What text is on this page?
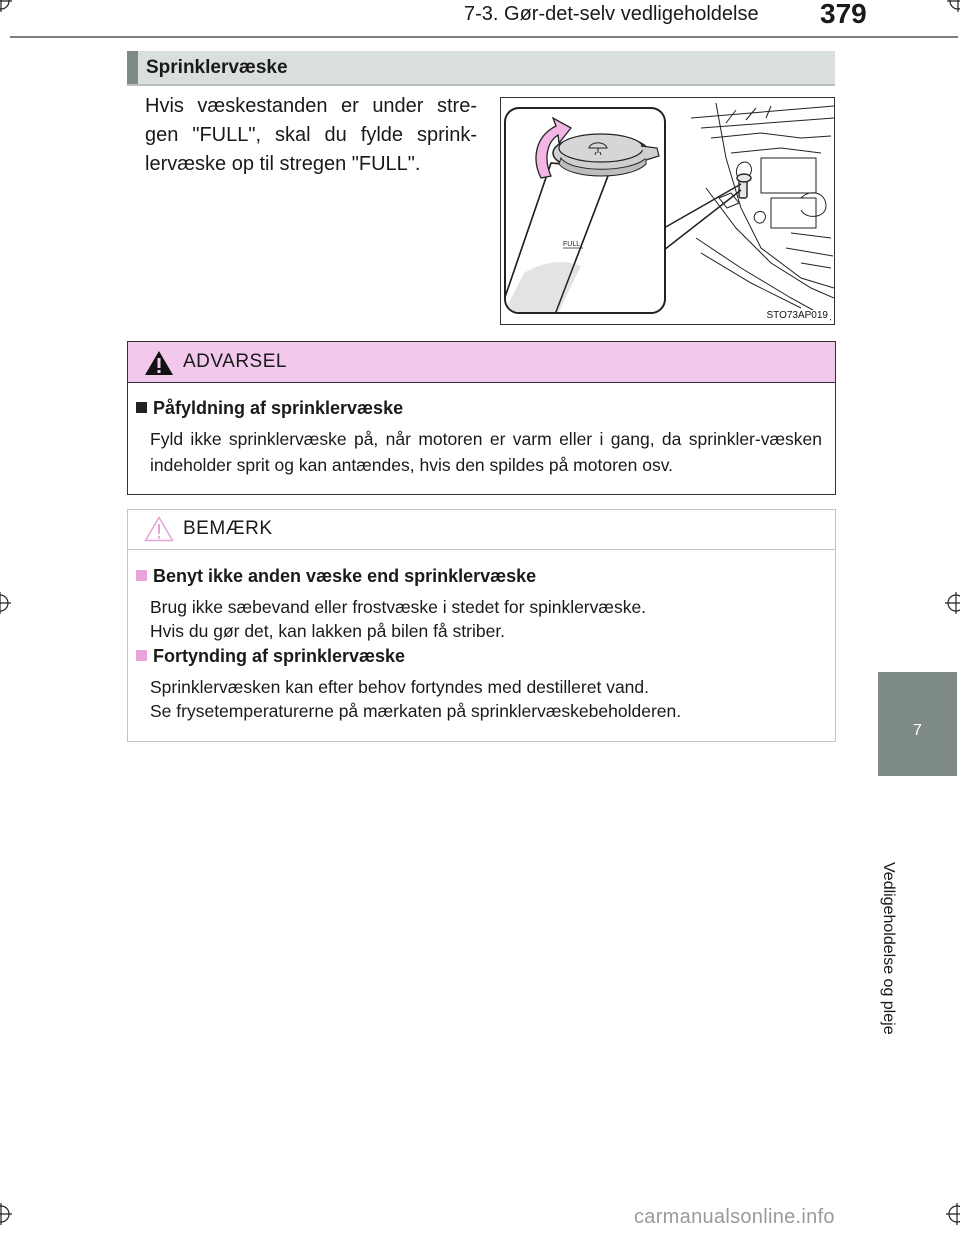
7-3. Gør-det-selv vedligeholdelse 379
Sprinklervæske
Hvis væskestanden er under stre-gen "FULL", skal du fylde sprink-lervæske op til stregen "FULL".
FULL
STO73AP019
ADVARSEL
Påfyldning af sprinklervæske
Fyld ikke sprinklervæske på, når motoren er varm eller i gang, da sprinkler-væsken indeholder sprit og kan antændes, hvis den spildes på motoren osv.
BEMÆRK
Benyt ikke anden væske end sprinklervæske
Brug ikke sæbevand eller frostvæske i stedet for spinklervæske.
Hvis du gør det, kan lakken på bilen få striber.
Fortynding af sprinklervæske
Sprinklervæsken kan efter behov fortyndes med destilleret vand.
Se frysetemperaturerne på mærkaten på sprinklervæskebeholderen.
7
Vedligeholdelse og pleje
carmanualsonline.info
